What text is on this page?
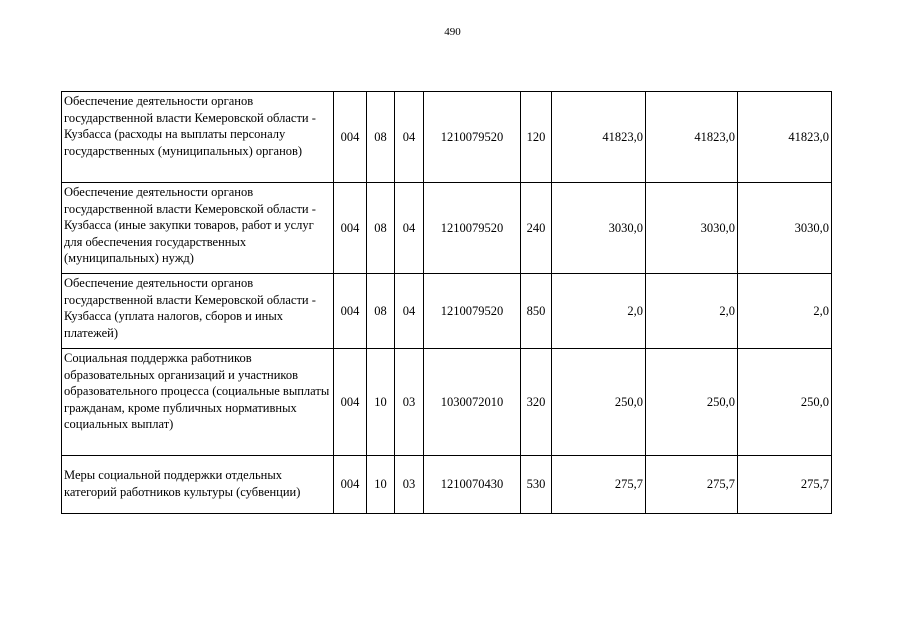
490
Обеспечение деятельности органов государственной власти Кемеровской области - Кузбасса (расходы на выплаты персоналу государственных (муниципальных) органов)	004	08	04	1210079520	120	41823,0	41823,0	41823,0
Обеспечение деятельности органов государственной власти Кемеровской области - Кузбасса (иные закупки товаров, работ и услуг для обеспечения государственных (муниципальных) нужд)	004	08	04	1210079520	240	3030,0	3030,0	3030,0
Обеспечение деятельности органов государственной власти Кемеровской области - Кузбасса (уплата налогов, сборов и иных платежей)	004	08	04	1210079520	850	2,0	2,0	2,0
Социальная поддержка работников образовательных организаций и участников образовательного процесса (социальные выплаты гражданам, кроме публичных нормативных социальных выплат)	004	10	03	1030072010	320	250,0	250,0	250,0
Меры социальной поддержки отдельных категорий работников культуры (субвенции)	004	10	03	1210070430	530	275,7	275,7	275,7
